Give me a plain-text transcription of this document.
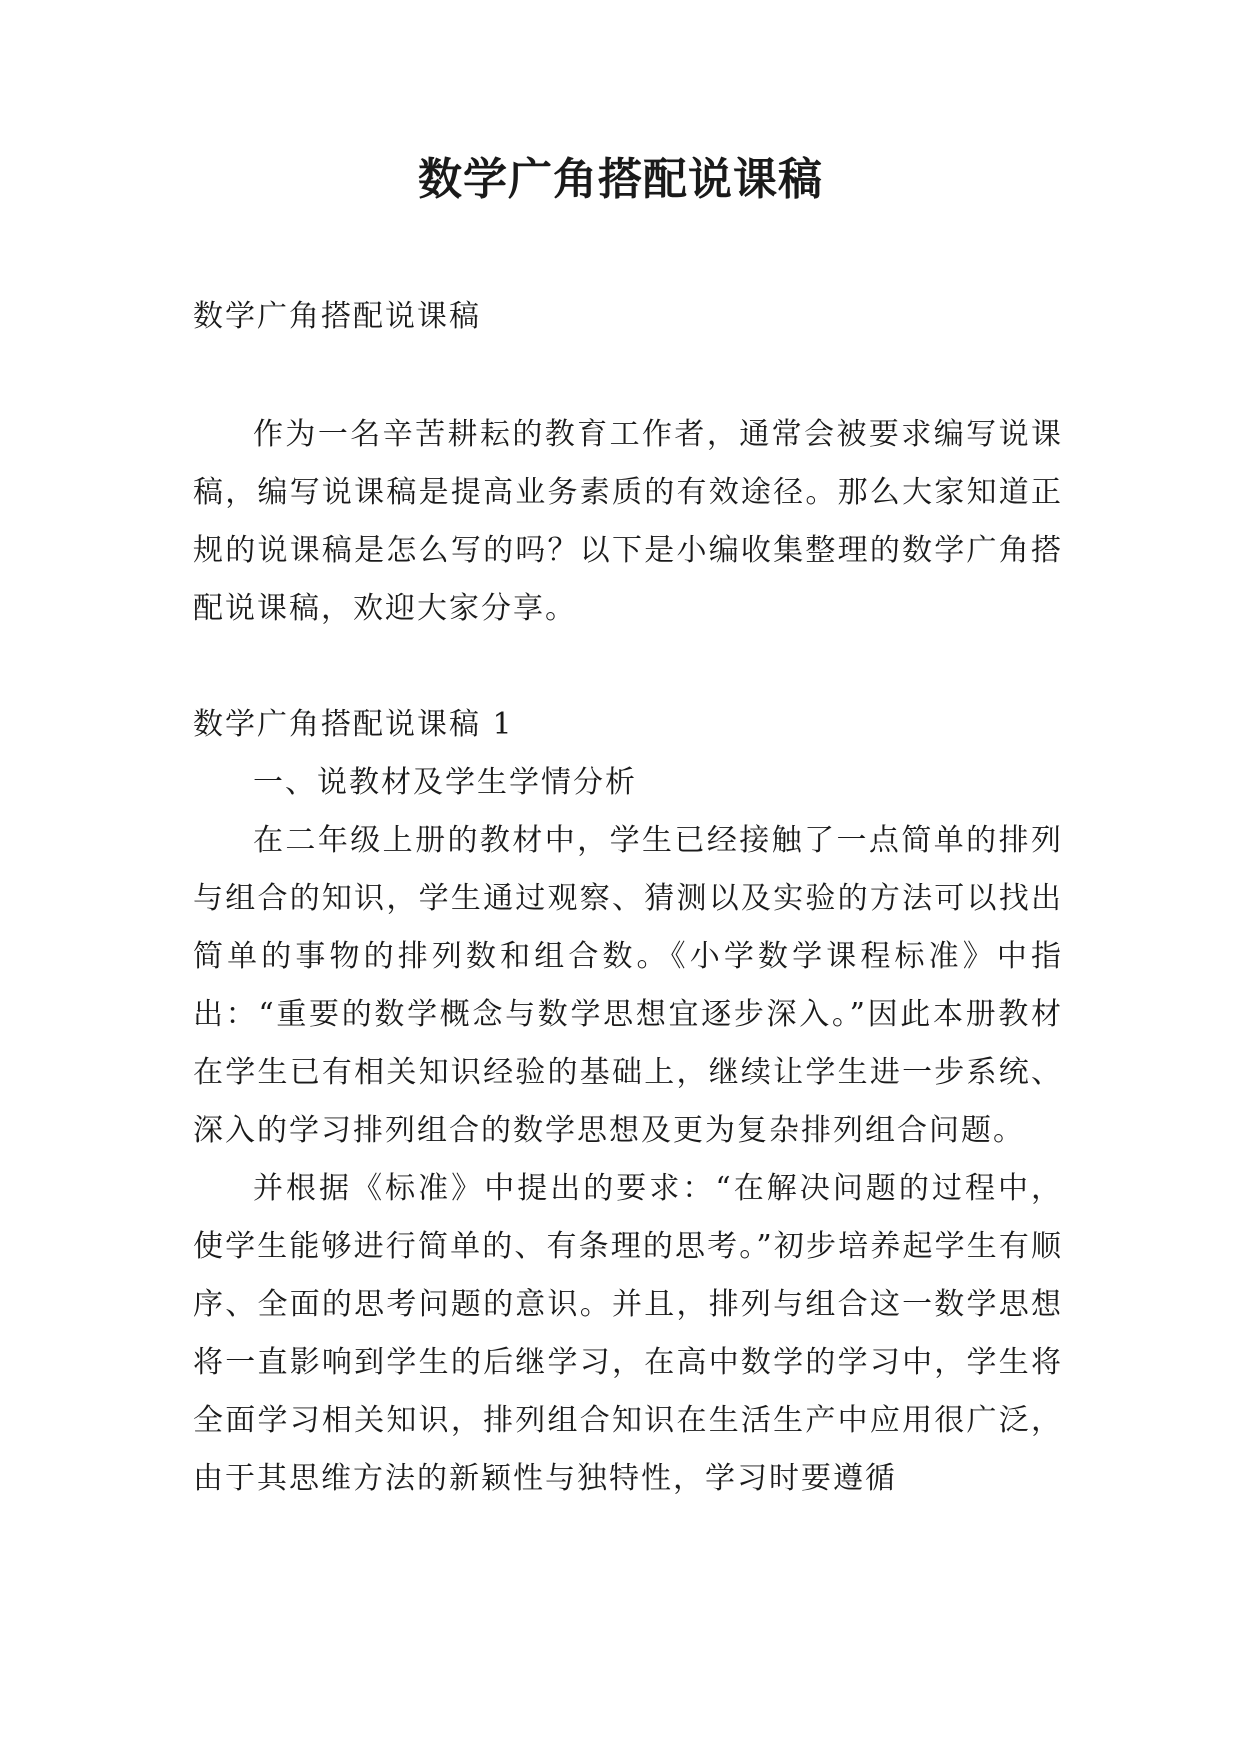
数学广角搭配说课稿

数学广角搭配说课稿

作为一名辛苦耕耘的教育工作者，通常会被要求编写说课稿，编写说课稿是提高业务素质的有效途径。那么大家知道正规的说课稿是怎么写的吗？以下是小编收集整理的数学广角搭配说课稿，欢迎大家分享。

数学广角搭配说课稿 1

一、说教材及学生学情分析

在二年级上册的教材中，学生已经接触了一点简单的排列与组合的知识，学生通过观察、猜测以及实验的方法可以找出简单的事物的排列数和组合数。《小学数学课程标准》中指出：“重要的数学概念与数学思想宜逐步深入。”因此本册教材在学生已有相关知识经验的基础上，继续让学生进一步系统、深入的学习排列组合的数学思想及更为复杂排列组合问题。

并根据《标准》中提出的要求：“在解决问题的过程中，使学生能够进行简单的、有条理的思考。”初步培养起学生有顺序、全面的思考问题的意识。并且，排列与组合这一数学思想将一直影响到学生的后继学习，在高中数学的学习中，学生将全面学习相关知识，排列组合知识在生活生产中应用很广泛，由于其思维方法的新颖性与独特性，学习时要遵循
